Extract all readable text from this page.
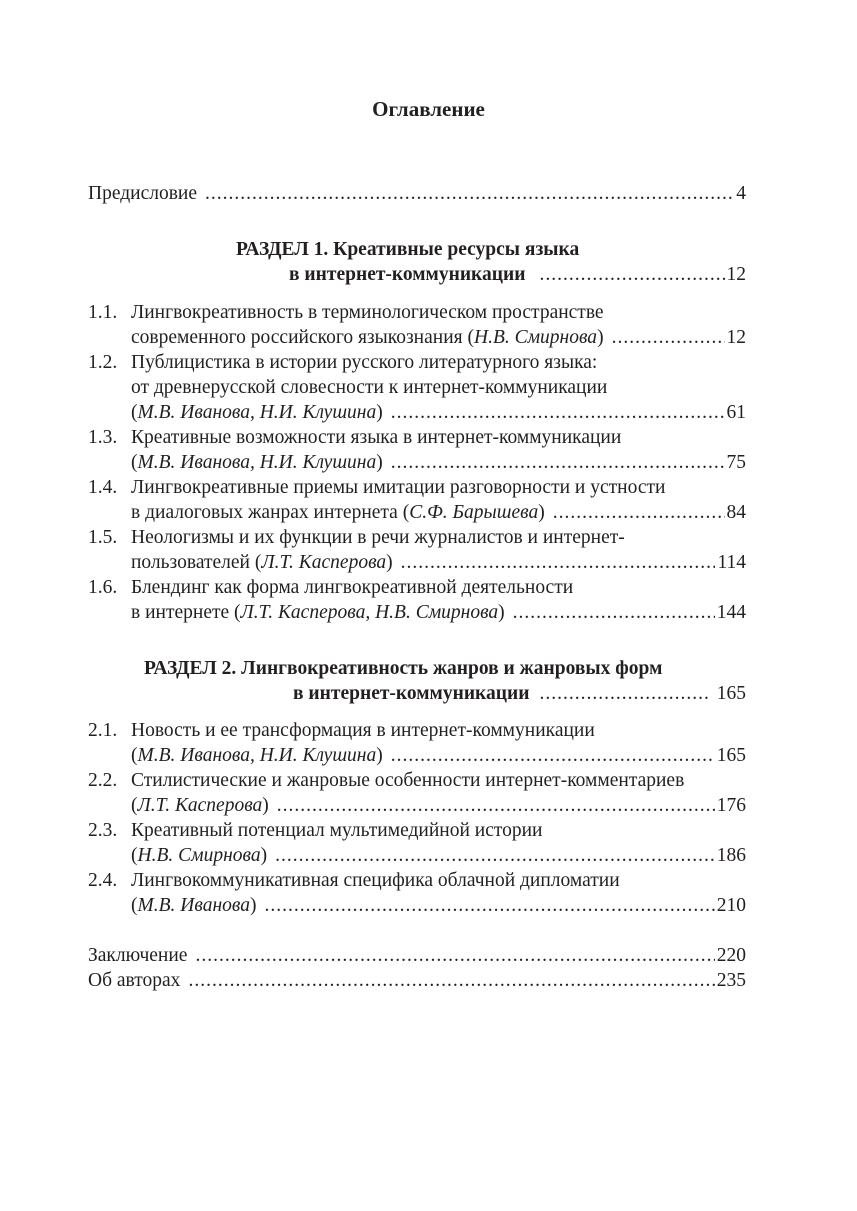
Оглавление
Предисловие .....	4
РАЗДЕЛ 1. Креативные ресурсы языка
в интернет-коммуникации .....	12
1.1. Лингвокреативность в терминологическом пространстве
современного российского языкознания (Н.В. Смирнова) .....	12
1.2. Публицистика в истории русского литературного языка:
от древнерусской словесности к интернет-коммуникации
(М.В. Иванова, Н.И. Клушина) .....	61
1.3. Креативные возможности языка в интернет-коммуникации
(М.В. Иванова, Н.И. Клушина) .....	75
1.4. Лингвокреативные приемы имитации разговорности и устности
в диалоговых жанрах интернета (С.Ф. Барышева) .....	84
1.5. Неологизмы и их функции в речи журналистов и интернет-
пользователей (Л.Т. Касперова) .....	114
1.6. Блендинг как форма лингвокреативной деятельности
в интернете (Л.Т. Касперова, Н.В. Смирнова) .....	144
РАЗДЕЛ 2. Лингвокреативность жанров и жанровых форм
в интернет-коммуникации .....	165
2.1. Новость и ее трансформация в интернет-коммуникации
(М.В. Иванова, Н.И. Клушина) .....	165
2.2. Стилистические и жанровые особенности интернет-комментариев
(Л.Т. Касперова) .....	176
2.3. Креативный потенциал мультимедийной истории
(Н.В. Смирнова) .....	186
2.4. Лингвокоммуникативная специфика облачной дипломатии
(М.В. Иванова) .....	210
Заключение .....	220
Об авторах .....	235
